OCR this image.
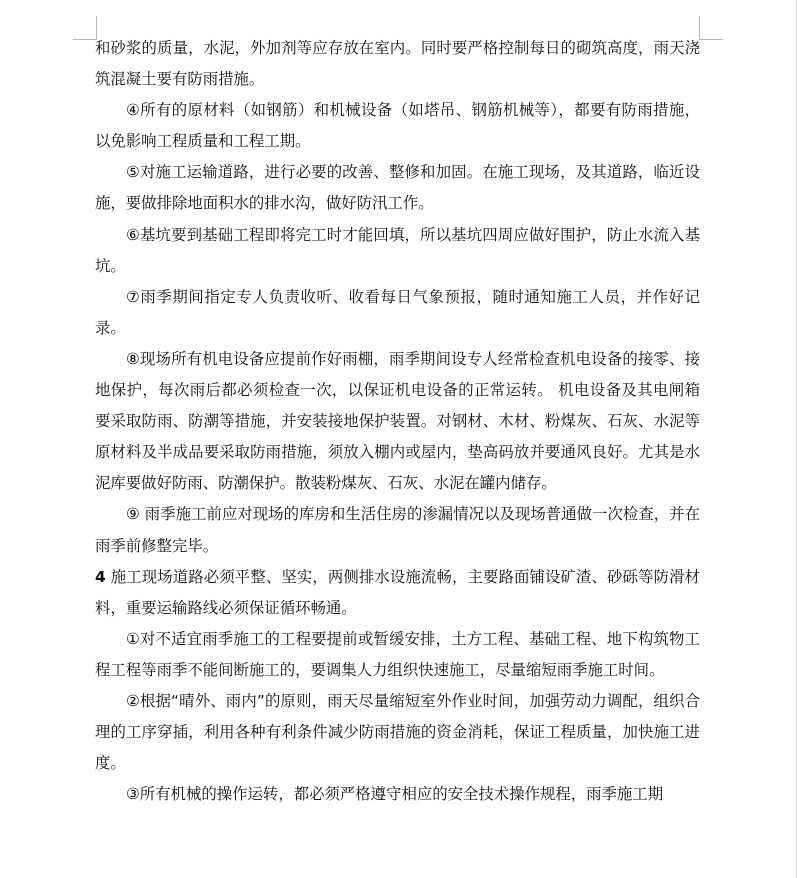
和砂浆的质量，水泥，外加剂等应存放在室内。同时要严格控制每日的砌筑高度，雨天浇筑混凝土要有防雨措施。

④所有的原材料（如钢筋）和机械设备（如塔吊、钢筋机械等），都要有防雨措施，以免影响工程质量和工程工期。

⑤对施工运输道路，进行必要的改善、整修和加固。在施工现场，及其道路，临近设施，要做排除地面积水的排水沟，做好防汛工作。

⑥基坑要到基础工程即将完工时才能回填，所以基坑四周应做好围护，防止水流入基坑。

⑦雨季期间指定专人负责收听、收看每日气象预报，随时通知施工人员，并作好记录。

⑧现场所有机电设备应提前作好雨棚，雨季期间设专人经常检查机电设备的接零、接地保护，每次雨后都必须检查一次，以保证机电设备的正常运转。 机电设备及其电闸箱要采取防雨、防潮等措施，并安装接地保护装置。对钢材、木材、粉煤灰、石灰、水泥等原材料及半成品要采取防雨措施，须放入棚内或屋内，垫高码放并要通风良好。尤其是水泥库要做好防雨、防潮保护。散装粉煤灰、石灰、水泥在罐内储存。

⑨ 雨季施工前应对现场的库房和生活住房的渗漏情况以及现场普通做一次检查，并在雨季前修整完毕。

4 施工现场道路必须平整、坚实，两侧排水设施流畅，主要路面铺设矿渣、砂砾等防滑材料，重要运输路线必须保证循环畅通。

①对不适宜雨季施工的工程要提前或暂缓安排，土方工程、基础工程、地下构筑物工程工程等雨季不能间断施工的，要调集人力组织快速施工，尽量缩短雨季施工时间。

②根据“晴外、雨内”的原则，雨天尽量缩短室外作业时间，加强劳动力调配，组织合理的工序穿插，利用各种有利条件减少防雨措施的资金消耗，保证工程质量，加快施工进度。

③所有机械的操作运转，都必须严格遵守相应的安全技术操作规程，雨季施工期
